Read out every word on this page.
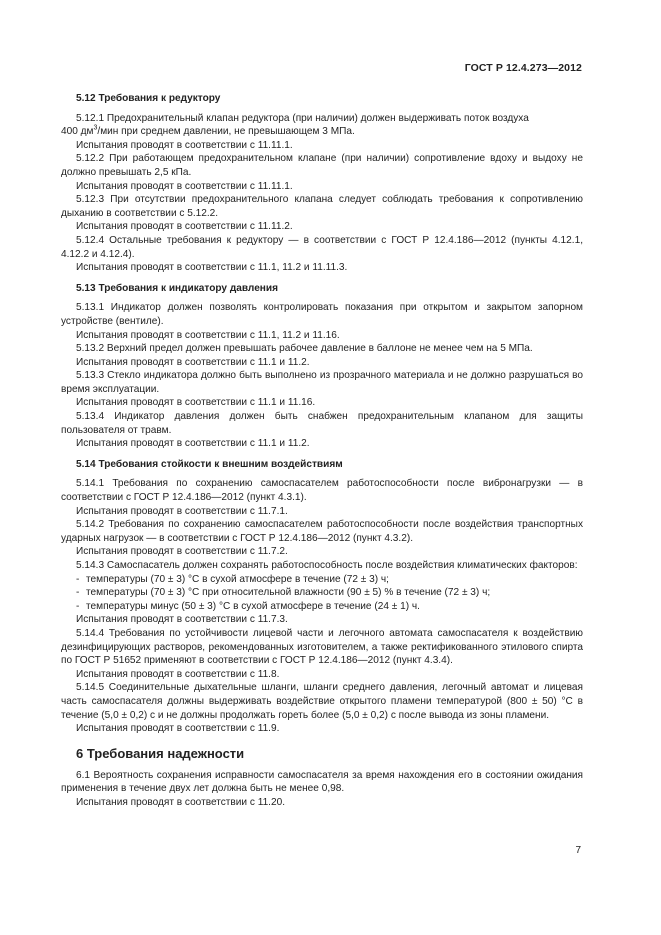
ГОСТ Р 12.4.273—2012

5.12 Требования к редуктору

5.12.1 Предохранительный клапан редуктора (при наличии) должен выдерживать поток воздуха

400 $дм^3$/мин при среднем давлении, не превышающем 3 МПа.

Испытания проводят в соответствии с 11.11.1.

5.12.2 При работающем предохранительном клапане (при наличии) сопротивление вдоху и выдоху не должно превышать 2,5 кПа.

Испытания проводят в соответствии с 11.11.1.

5.12.3 При отсутствии предохранительного клапана следует соблюдать требования к сопротивлению дыханию в соответствии с 5.12.2.

Испытания проводят в соответствии с 11.11.2.

5.12.4 Остальные требования к редуктору — в соответствии с ГОСТ Р 12.4.186—2012 (пункты 4.12.1, 4.12.2 и 4.12.4).

Испытания проводят в соответствии с 11.1, 11.2 и 11.11.3.

5.13 Требования к индикатору давления

5.13.1 Индикатор должен позволять контролировать показания при открытом и закрытом запорном устройстве (вентиле).

Испытания проводят в соответствии с 11.1, 11.2 и 11.16.

5.13.2 Верхний предел должен превышать рабочее давление в баллоне не менее чем на 5 МПа.

Испытания проводят в соответствии с 11.1 и 11.2.

5.13.3 Стекло индикатора должно быть выполнено из прозрачного материала и не должно разрушаться во время эксплуатации.

Испытания проводят в соответствии с 11.1 и 11.16.

5.13.4 Индикатор давления должен быть снабжен предохранительным клапаном для защиты пользователя от травм.

Испытания проводят в соответствии с 11.1 и 11.2.

5.14 Требования стойкости к внешним воздействиям

5.14.1 Требования по сохранению самоспасателем работоспособности после вибронагрузки — в соответствии с ГОСТ Р 12.4.186—2012 (пункт 4.3.1).

Испытания проводят в соответствии с 11.7.1.

5.14.2 Требования по сохранению самоспасателем работоспособности после воздействия транспортных ударных нагрузок — в соответствии с ГОСТ Р 12.4.186—2012 (пункт 4.3.2).

Испытания проводят в соответствии с 11.7.2.

5.14.3 Самоспасатель должен сохранять работоспособность после воздействия климатических факторов:

- температуры (70 ± 3) °С в сухой атмосфере в течение (72 ± 3) ч;

- температуры (70 ± 3) °С при относительной влажности (90 ± 5) % в течение (72 ± 3) ч;

- температуры минус (50 ± 3) °С в сухой атмосфере в течение (24 ± 1) ч.

Испытания проводят в соответствии с 11.7.3.

5.14.4 Требования по устойчивости лицевой части и легочного автомата самоспасателя к воздействию дезинфицирующих растворов, рекомендованных изготовителем, а также ректификованного этилового спирта по ГОСТ Р 51652 применяют в соответствии с ГОСТ Р 12.4.186—2012 (пункт 4.3.4).

Испытания проводят в соответствии с 11.8.

5.14.5 Соединительные дыхательные шланги, шланги среднего давления, легочный автомат и лицевая часть самоспасателя должны выдерживать воздействие открытого пламени температурой (800 ± 50) °С в течение (5,0 ± 0,2) с и не должны продолжать гореть более (5,0 ± 0,2) с после вывода из зоны пламени.

Испытания проводят в соответствии с 11.9.

6 Требования надежности

6.1 Вероятность сохранения исправности самоспасателя за время нахождения его в состоянии ожидания применения в течение двух лет должна быть не менее 0,98.

Испытания проводят в соответствии с 11.20.

7
